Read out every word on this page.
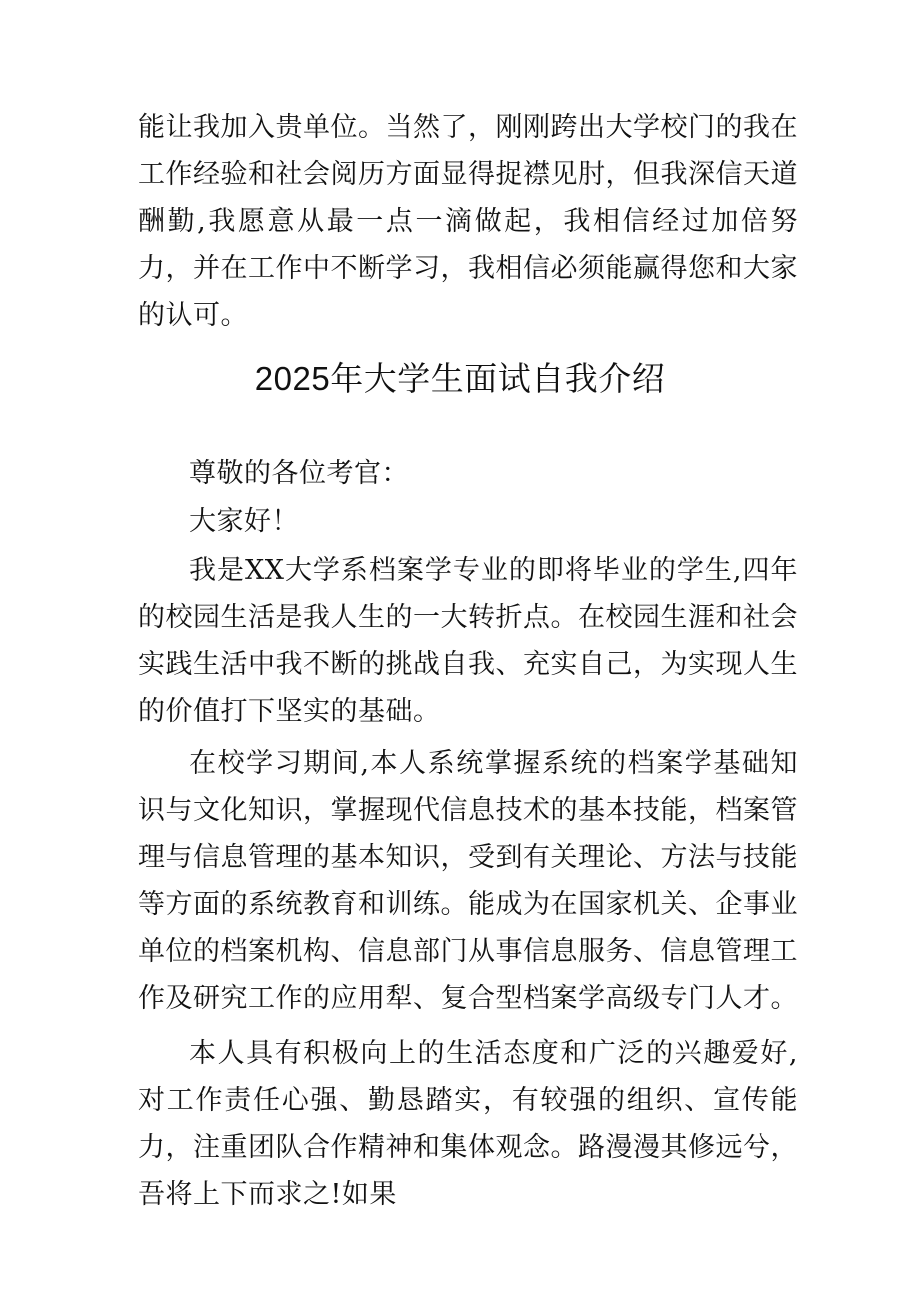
能让我加入贵单位。当然了，刚刚跨出大学校门的我在工作经验和社会阅历方面显得捉襟见肘，但我深信天道酬勤,我愿意从最一点一滴做起，我相信经过加倍努力，并在工作中不断学习，我相信必须能赢得您和大家的认可。

2025年大学生面试自我介绍

尊敬的各位考官：

大家好！

我是XX大学系档案学专业的即将毕业的学生,四年的校园生活是我人生的一大转折点。在校园生涯和社会实践生活中我不断的挑战自我、充实自己，为实现人生的价值打下坚实的基础。

在校学习期间,本人系统掌握系统的档案学基础知识与文化知识，掌握现代信息技术的基本技能，档案管理与信息管理的基本知识，受到有关理论、方法与技能等方面的系统教育和训练。能成为在国家机关、企事业单位的档案机构、信息部门从事信息服务、信息管理工作及研究工作的应用犁、复合型档案学高级专门人才。

本人具有积极向上的生活态度和广泛的兴趣爱好,对工作责任心强、勤恳踏实，有较强的组织、宣传能力，注重团队合作精神和集体观念。路漫漫其修远兮，吾将上下而求之!如果
